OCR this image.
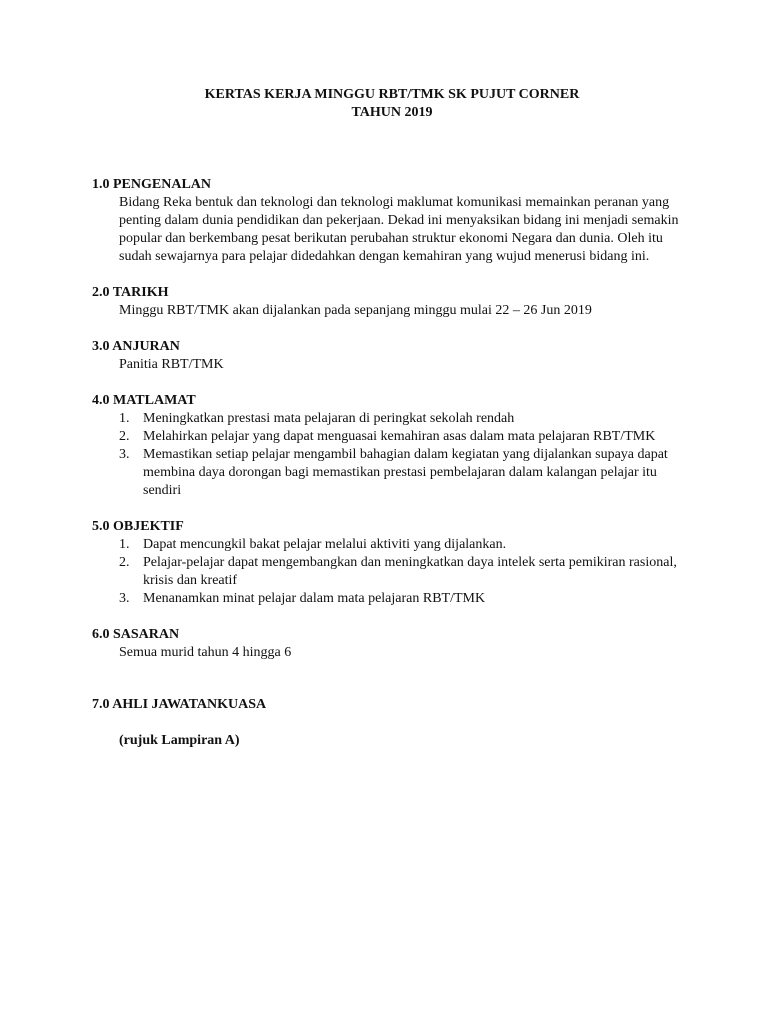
KERTAS KERJA MINGGU RBT/TMK SK PUJUT CORNER
TAHUN 2019
1.0 PENGENALAN
Bidang Reka bentuk dan teknologi dan teknologi maklumat komunikasi memainkan peranan yang penting dalam dunia pendidikan dan pekerjaan. Dekad ini menyaksikan bidang ini menjadi semakin popular dan berkembang pesat berikutan perubahan struktur ekonomi Negara dan dunia. Oleh itu sudah sewajarnya para pelajar didedahkan dengan kemahiran yang wujud menerusi bidang ini.
2.0 TARIKH
Minggu RBT/TMK akan dijalankan pada sepanjang minggu mulai 22 – 26 Jun 2019
3.0 ANJURAN
Panitia RBT/TMK
4.0 MATLAMAT
1. Meningkatkan prestasi mata pelajaran di peringkat sekolah rendah
2. Melahirkan pelajar yang dapat menguasai kemahiran asas dalam mata pelajaran RBT/TMK
3. Memastikan setiap pelajar mengambil bahagian dalam kegiatan yang dijalankan supaya dapat membina daya dorongan bagi memastikan prestasi pembelajaran dalam kalangan pelajar itu sendiri
5.0 OBJEKTIF
1. Dapat mencungkil bakat pelajar melalui aktiviti yang dijalankan.
2. Pelajar-pelajar dapat mengembangkan dan meningkatkan daya intelek serta pemikiran rasional, krisis dan kreatif
3. Menanamkan minat pelajar dalam mata pelajaran RBT/TMK
6.0 SASARAN
Semua murid tahun 4 hingga 6
7.0 AHLI JAWATANKUASA
(rujuk Lampiran A)
